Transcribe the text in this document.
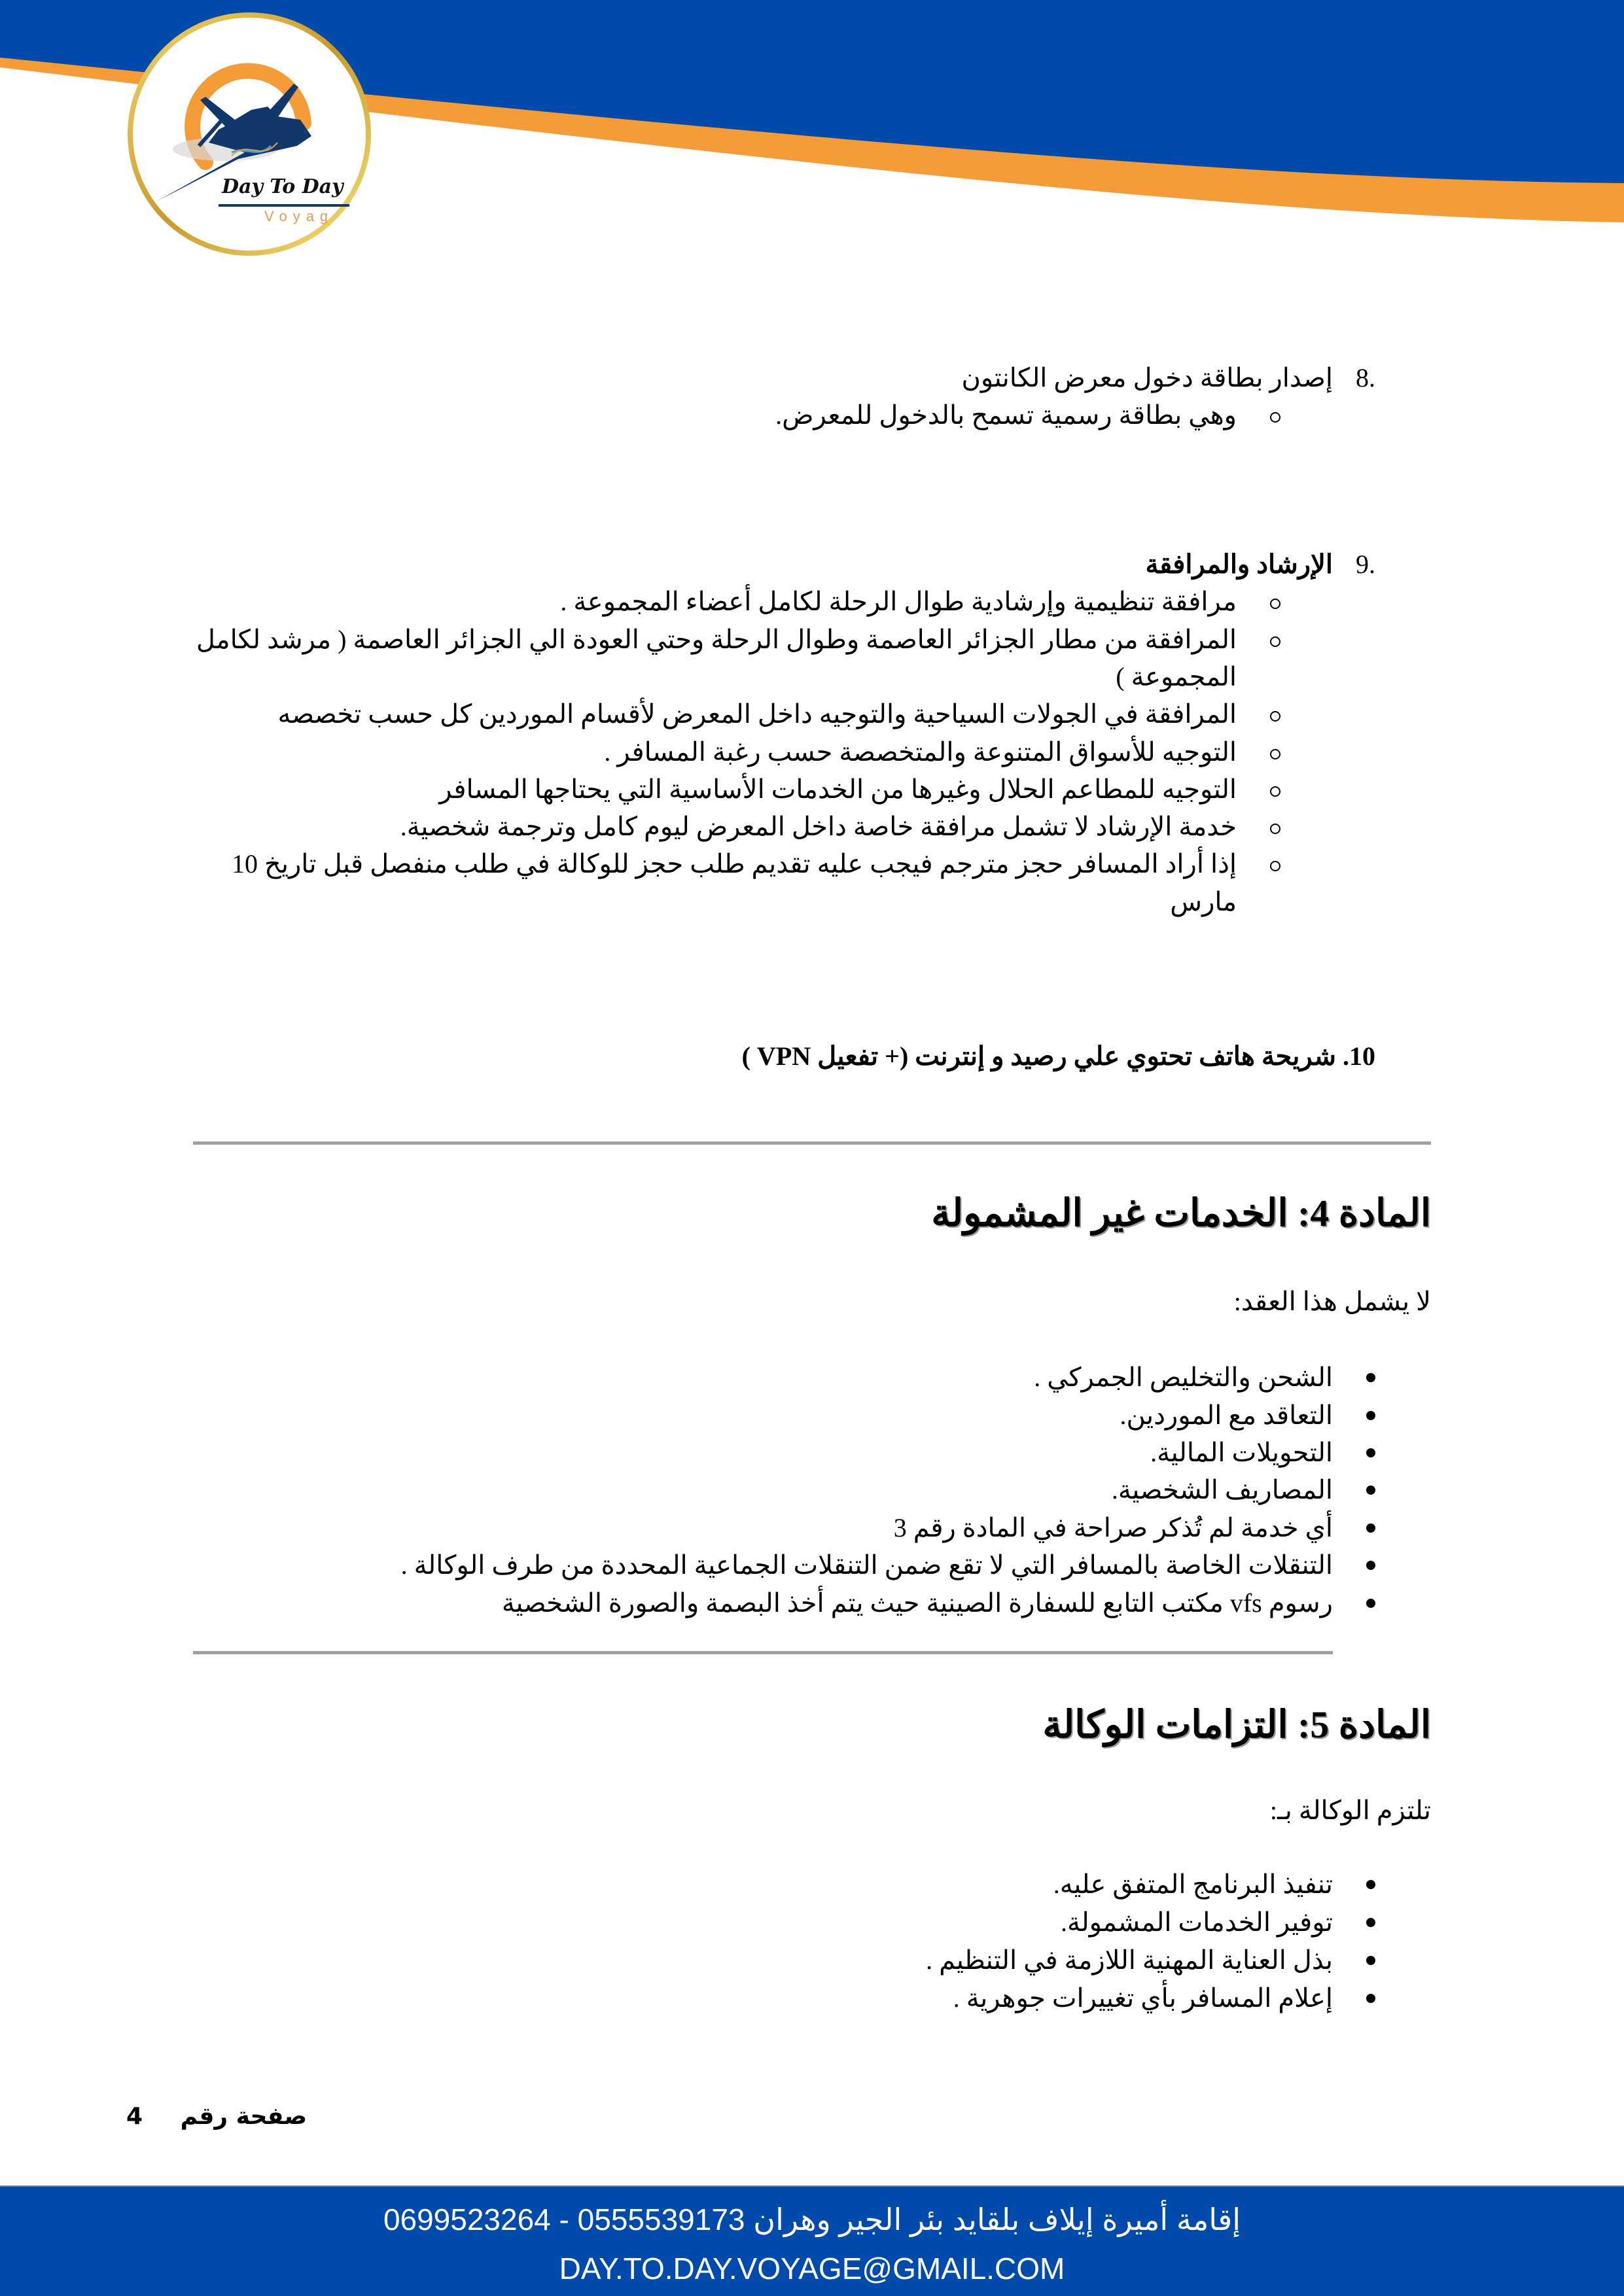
Day To Day
Voyag
8.
إصدار بطاقة دخول معرض الكانتون
وهي بطاقة رسمية تسمح بالدخول للمعرض.
9.
الإرشاد والمرافقة
مرافقة تنظيمية وإرشادية طوال الرحلة لكامل أعضاء المجموعة .
المرافقة من مطار الجزائر العاصمة وطوال الرحلة وحتي العودة الي الجزائر العاصمة ( مرشد لكامل
المجموعة )
المرافقة في الجولات السياحية والتوجيه داخل المعرض لأقسام الموردين كل حسب تخصصه
التوجيه للأسواق المتنوعة والمتخصصة حسب رغبة المسافر .
التوجيه للمطاعم الحلال وغيرها من الخدمات الأساسية التي يحتاجها المسافر
خدمة الإرشاد لا تشمل مرافقة خاصة داخل المعرض ليوم كامل وترجمة شخصية.
إذا أراد المسافر حجز مترجم فيجب عليه تقديم طلب حجز للوكالة في طلب منفصل قبل تاريخ 10
مارس
10. شريحة هاتف تحتوي علي رصيد و إنترنت (+ تفعيل VPN )
المادة 4: الخدمات غير المشمولة
لا يشمل هذا العقد:
الشحن والتخليص الجمركي .
التعاقد مع الموردين.
التحويلات المالية.
المصاريف الشخصية.
أي خدمة لم تُذكر صراحة في المادة رقم 3
التنقلات الخاصة بالمسافر التي لا تقع ضمن التنقلات الجماعية المحددة من طرف الوكالة .
رسوم vfs مكتب التابع للسفارة الصينية حيث يتم أخذ البصمة والصورة الشخصية
المادة 5: التزامات الوكالة
تلتزم الوكالة بـ:
تنفيذ البرنامج المتفق عليه.
توفير الخدمات المشمولة.
بذل العناية المهنية اللازمة في التنظيم .
إعلام المسافر بأي تغييرات جوهرية .
4 صفحة رقم
إقامة أميرة إيلاف بلقايد بئر الجير وهران 0555539173 - 0699523264
DAY.TO.DAY.VOYAGE@GMAIL.COM
